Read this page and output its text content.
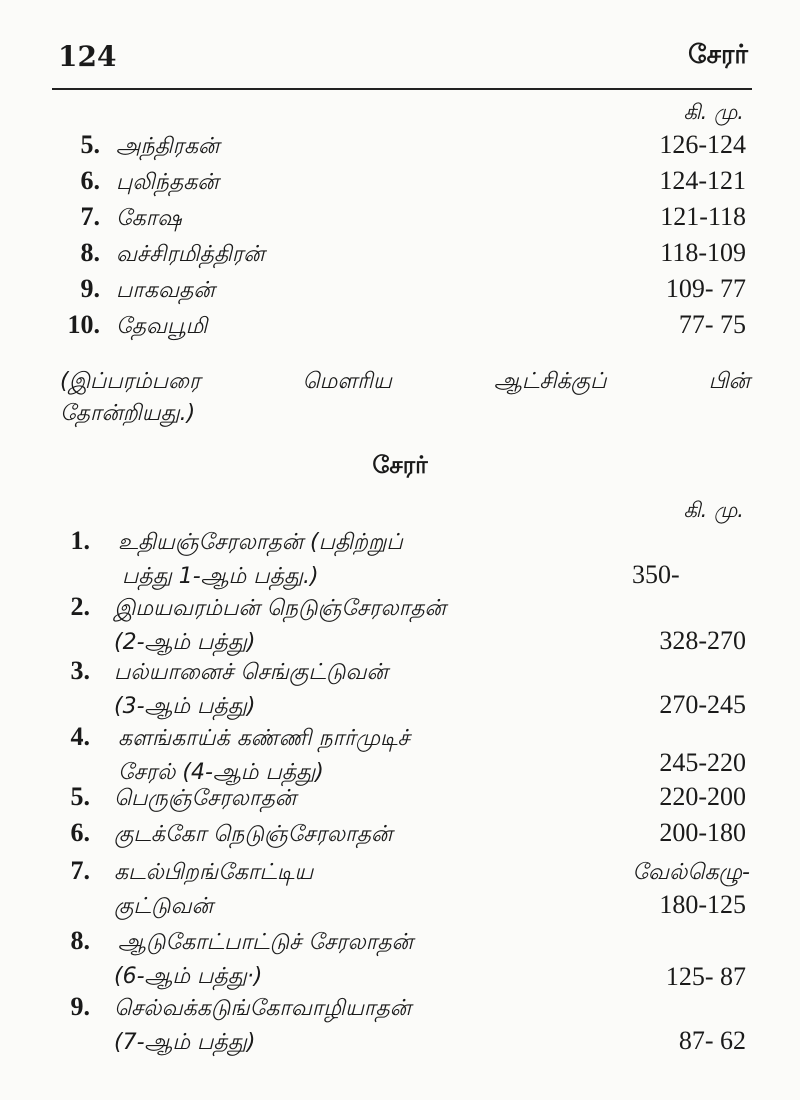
124	சேரர்
கி. மு.
5. அந்திரகன்	126-124
6. புலிந்தகன்	124-121
7. கோஷ	121-118
8. வச்சிரமித்திரன்	118-109
9. பாகவதன்	109- 77
10. தேவபூமி	77- 75
(இப்பரம்பரை மௌரிய ஆட்சிக்குப் பின்
தோன்றியது.)
சேரர்
கி. மு.
1. உதியஞ்சேரலாதன் (பதிற்றுப்
பத்து 1-ஆம் பத்து.)	350-
2. இமயவரம்பன் நெடுஞ்சேரலாதன்
(2-ஆம் பத்து)	328-270
3. பல்யானைச் செங்குட்டுவன்
(3-ஆம் பத்து)	270-245
4. களங்காய்க் கண்ணி நார்முடிச்
சேரல் (4-ஆம் பத்து)	245-220
5. பெருஞ்சேரலாதன்	220-200
6. குடக்கோ நெடுஞ்சேரலாதன்	200-180
7. கடல்பிறங்கோட்டிய வேல்கெழு-
குட்டுவன்	180-125
8. ஆடுகோட்பாட்டுச் சேரலாதன்
(6-ஆம் பத்து·)	125- 87
9. செல்வக்கடுங்கோவாழியாதன்
(7-ஆம் பத்து)	87- 62
